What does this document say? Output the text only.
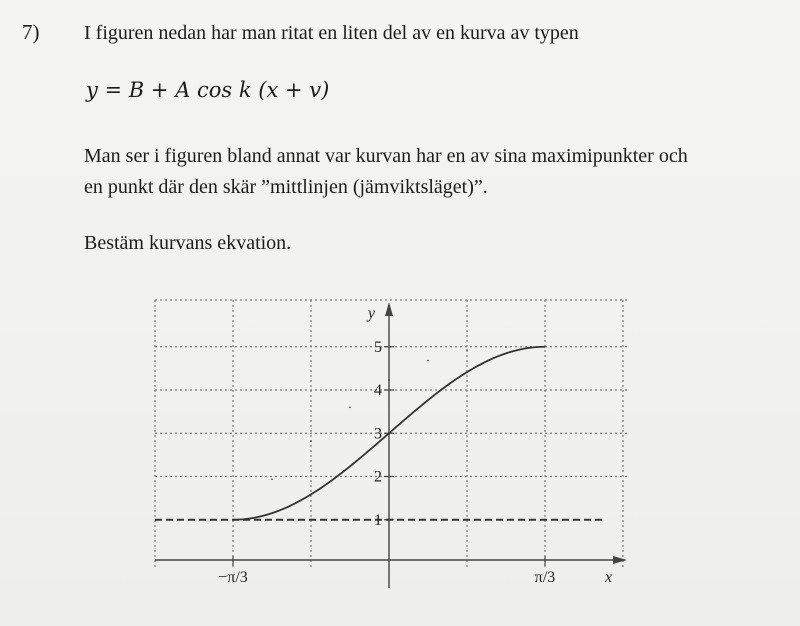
7) I figuren nedan har man ritat en liten del av en kurva av typen
y = B + A cos k (x + v)
Man ser i figuren bland annat var kurvan har en av sina maximipunkter och
en punkt där den skär ”mittlinjen (jämviktsläget)”.
Bestäm kurvans ekvation.
1
2
3
4
5
−π/3	π/3
y
x
